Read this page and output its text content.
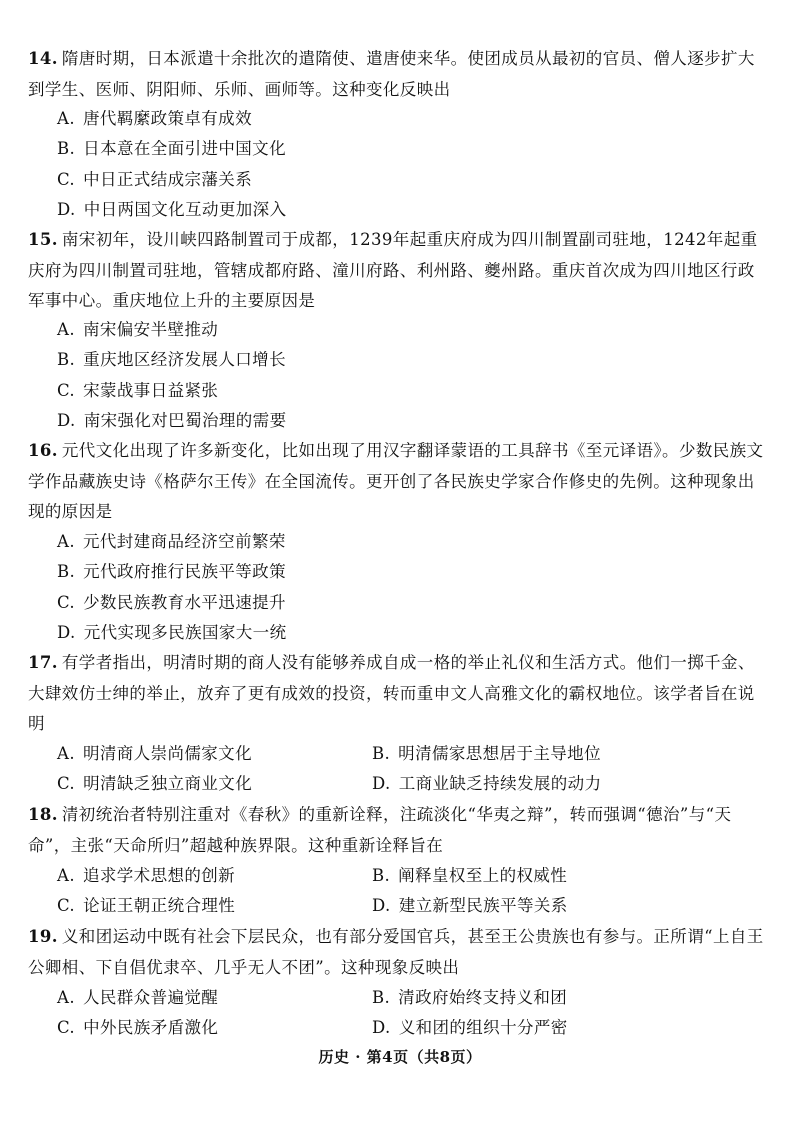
14. 隋唐时期，日本派遣十余批次的遣隋使、遣唐使来华。使团成员从最初的官员、僧人逐步扩大到学生、医师、阴阳师、乐师、画师等。这种变化反映出
A. 唐代羁縻政策卓有成效
B. 日本意在全面引进中国文化
C. 中日正式结成宗藩关系
D. 中日两国文化互动更加深入
15. 南宋初年，设川峡四路制置司于成都，1239年起重庆府成为四川制置副司驻地，1242年起重庆府为四川制置司驻地，管辖成都府路、潼川府路、利州路、夔州路。重庆首次成为四川地区行政军事中心。重庆地位上升的主要原因是
A. 南宋偏安半壁推动
B. 重庆地区经济发展人口增长
C. 宋蒙战事日益紧张
D. 南宋强化对巴蜀治理的需要
16. 元代文化出现了许多新变化，比如出现了用汉字翻译蒙语的工具辞书《至元译语》。少数民族文学作品藏族史诗《格萨尔王传》在全国流传。更开创了各民族史学家合作修史的先例。这种现象出现的原因是
A. 元代封建商品经济空前繁荣
B. 元代政府推行民族平等政策
C. 少数民族教育水平迅速提升
D. 元代实现多民族国家大一统
17. 有学者指出，明清时期的商人没有能够养成自成一格的举止礼仪和生活方式。他们一掷千金、大肆效仿士绅的举止，放弃了更有成效的投资，转而重申文人高雅文化的霸权地位。该学者旨在说明
A. 明清商人崇尚儒家文化	B. 明清儒家思想居于主导地位
C. 明清缺乏独立商业文化	D. 工商业缺乏持续发展的动力
18. 清初统治者特别注重对《春秋》的重新诠释，注疏淡化“华夷之辩”，转而强调“德治”与“天命”，主张“天命所归”超越种族界限。这种重新诠释旨在
A. 追求学术思想的创新	B. 阐释皇权至上的权威性
C. 论证王朝正统合理性	D. 建立新型民族平等关系
19. 义和团运动中既有社会下层民众，也有部分爱国官兵，甚至王公贵族也有参与。正所谓“上自王公卿相、下自倡优隶卒、几乎无人不团”。这种现象反映出
A. 人民群众普遍觉醒	B. 清政府始终支持义和团
C. 中外民族矛盾激化	D. 义和团的组织十分严密
历史 · 第4页（共8页）
